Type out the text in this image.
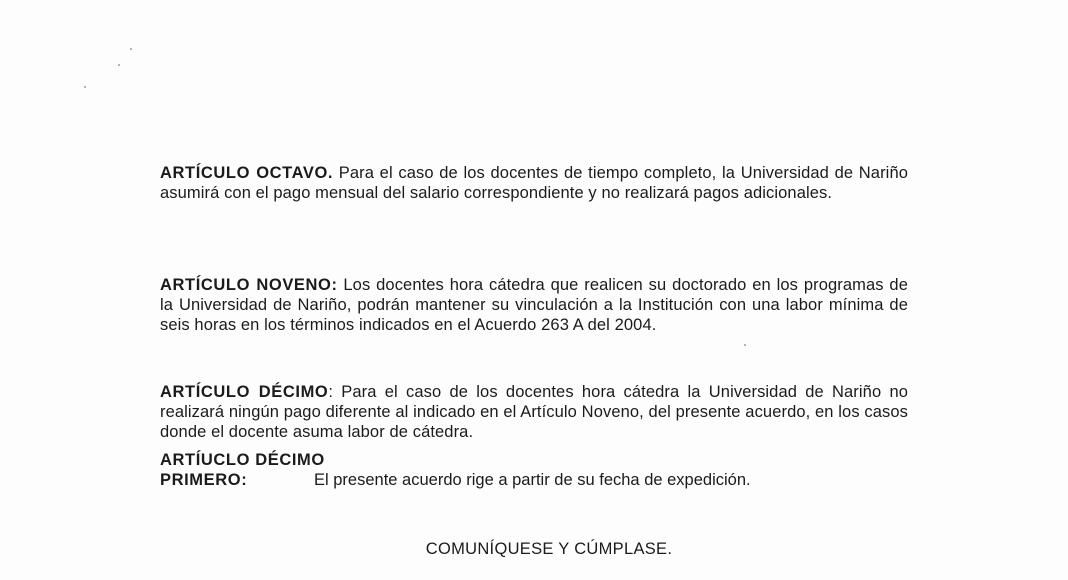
ARTÍCULO OCTAVO. Para el caso de los docentes de tiempo completo, la Universidad de Nariño asumirá con el pago mensual del salario correspondiente y no realizará pagos adicionales.

ARTÍCULO NOVENO: Los docentes hora cátedra que realicen su doctorado en los programas de la Universidad de Nariño, podrán mantener su vinculación a la Institución con una labor mínima de seis horas en los términos indicados en el Acuerdo 263 A del 2004.

ARTÍCULO DÉCIMO: Para el caso de los docentes hora cátedra la Universidad de Nariño no realizará ningún pago diferente al indicado en el Artículo Noveno, del presente acuerdo, en los casos donde el docente asuma labor de cátedra.

ARTÍUCLO DÉCIMO
PRIMERO:	El presente acuerdo rige a partir de su fecha de expedición.
COMUNÍQUESE Y CÚMPLASE.
